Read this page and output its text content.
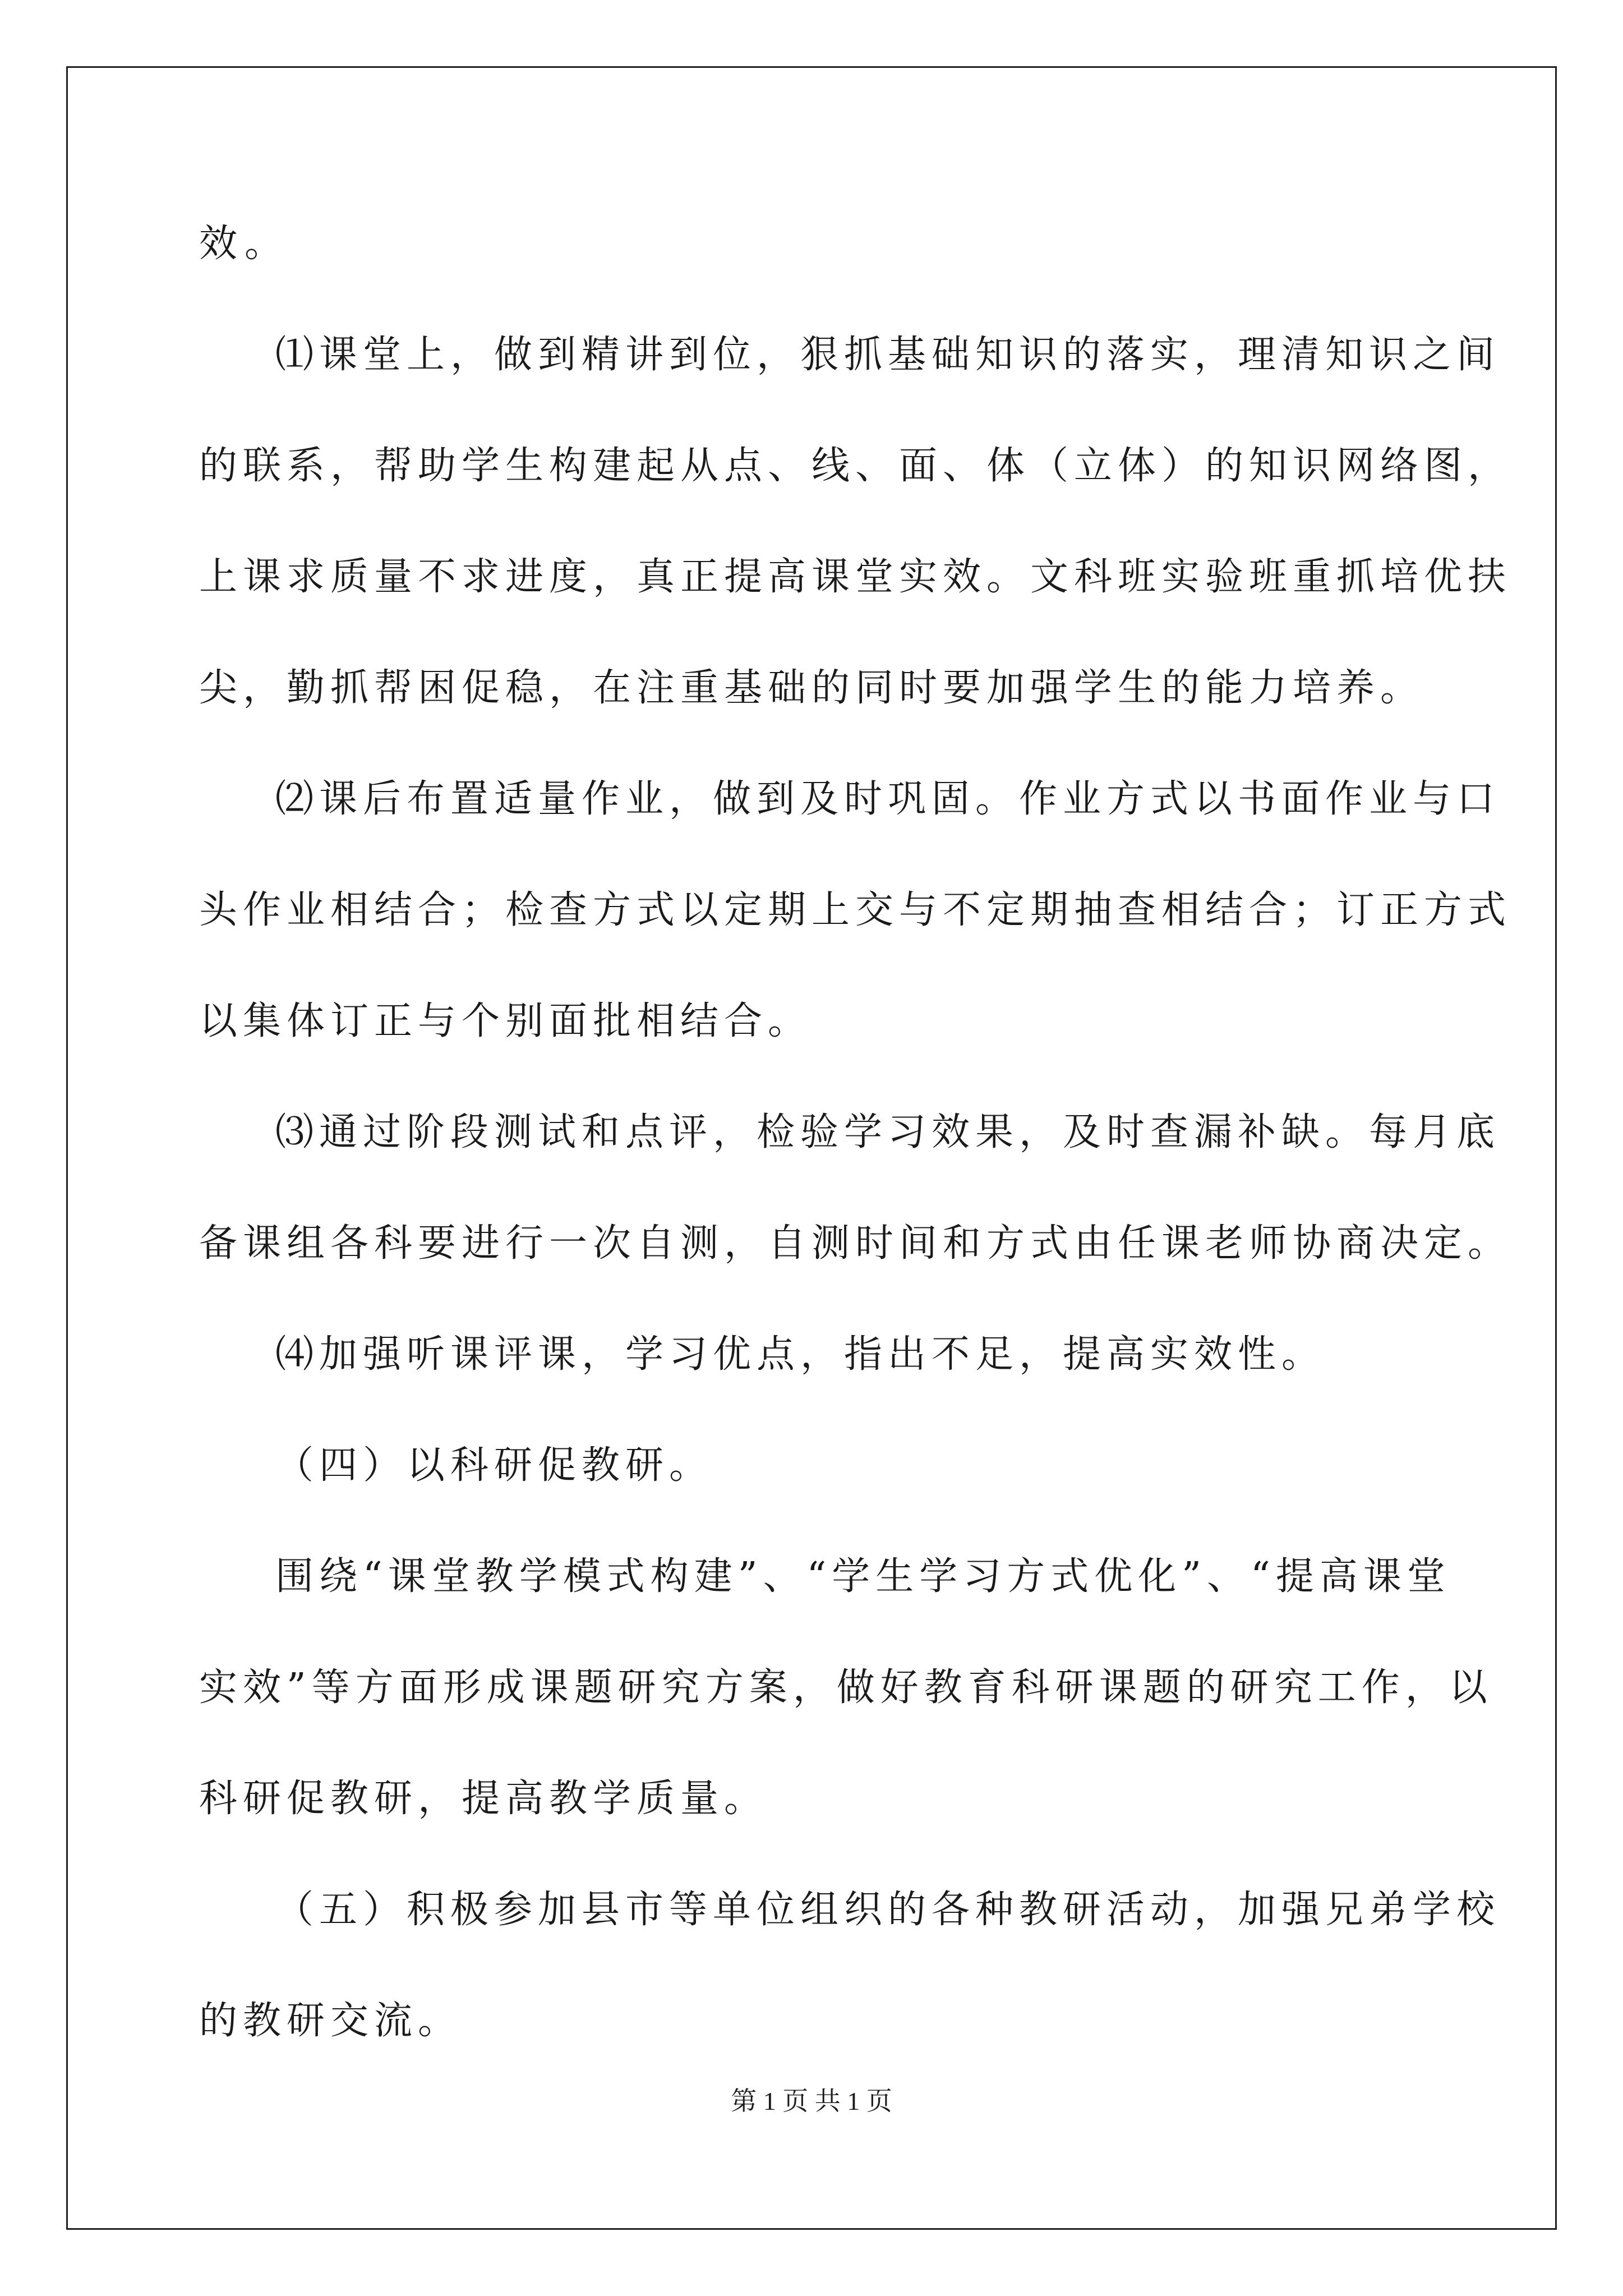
效。
⑴课堂上，做到精讲到位，狠抓基础知识的落实，理清知识之间
的联系，帮助学生构建起从点、线、面、体（立体）的知识网络图，
上课求质量不求进度，真正提高课堂实效。文科班实验班重抓培优扶
尖，勤抓帮困促稳，在注重基础的同时要加强学生的能力培养。
⑵课后布置适量作业，做到及时巩固。作业方式以书面作业与口
头作业相结合；检查方式以定期上交与不定期抽查相结合；订正方式
以集体订正与个别面批相结合。
⑶通过阶段测试和点评，检验学习效果，及时查漏补缺。每月底
备课组各科要进行一次自测，自测时间和方式由任课老师协商决定。
⑷加强听课评课，学习优点，指出不足，提高实效性。
（四）以科研促教研。
围绕“课堂教学模式构建”、“学生学习方式优化”、“提高课堂
实效”等方面形成课题研究方案，做好教育科研课题的研究工作，以
科研促教研，提高教学质量。
（五）积极参加县市等单位组织的各种教研活动，加强兄弟学校
的教研交流。
第 1 页 共 1 页
